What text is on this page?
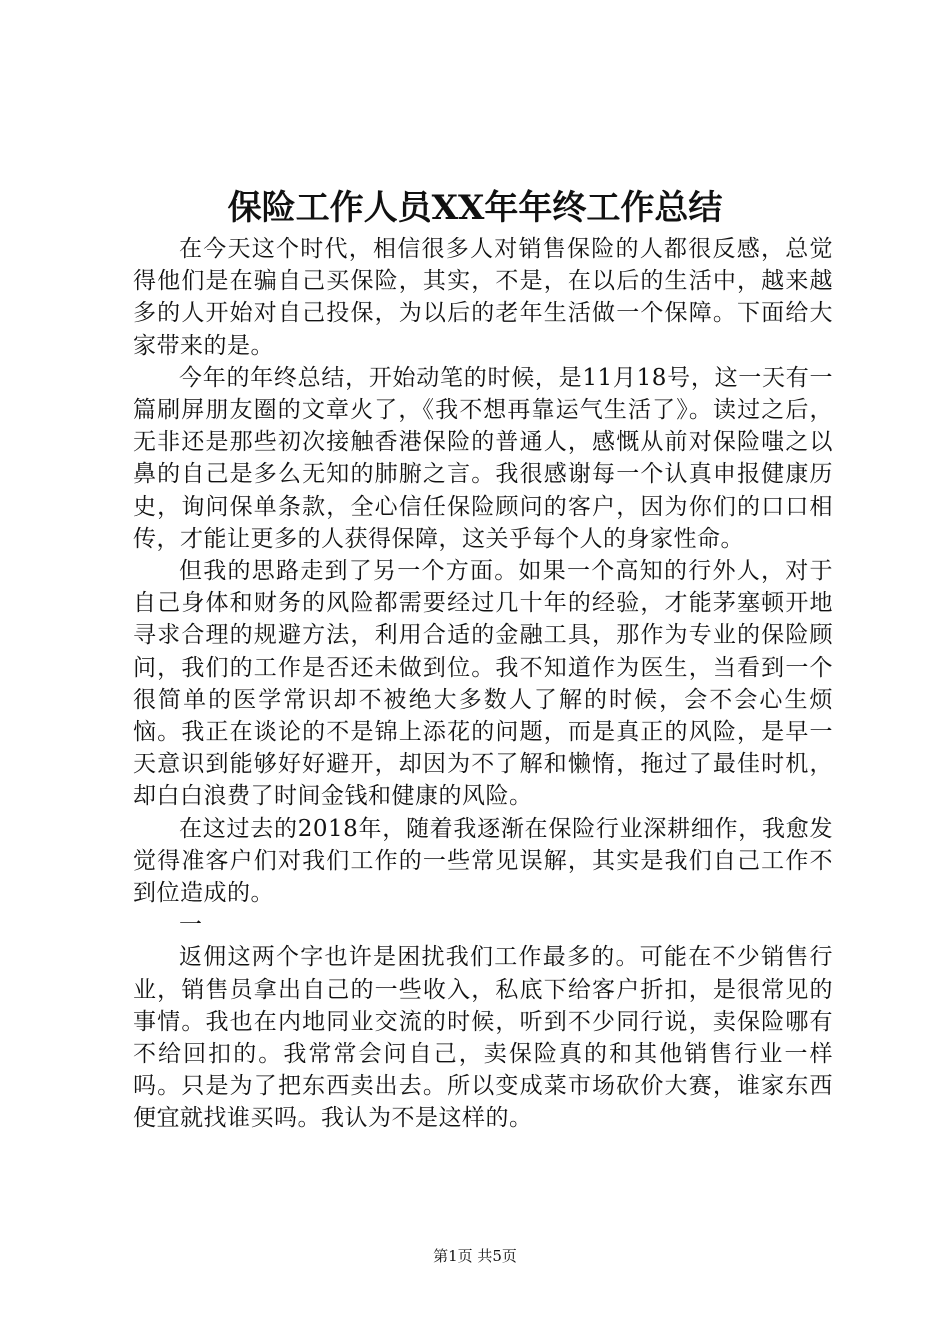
保险工作人员XX年年终工作总结

在今天这个时代，相信很多人对销售保险的人都很反感，总觉得他们是在骗自己买保险，其实，不是，在以后的生活中，越来越多的人开始对自己投保，为以后的老年生活做一个保障。下面给大家带来的是。

今年的年终总结，开始动笔的时候，是11月18号，这一天有一篇刷屏朋友圈的文章火了，《我不想再靠运气生活了》。读过之后，无非还是那些初次接触香港保险的普通人，感慨从前对保险嗤之以鼻的自己是多么无知的肺腑之言。我很感谢每一个认真申报健康历史，询问保单条款，全心信任保险顾问的客户，因为你们的口口相传，才能让更多的人获得保障，这关乎每个人的身家性命。

但我的思路走到了另一个方面。如果一个高知的行外人，对于自己身体和财务的风险都需要经过几十年的经验，才能茅塞顿开地寻求合理的规避方法，利用合适的金融工具，那作为专业的保险顾问，我们的工作是否还未做到位。我不知道作为医生，当看到一个很简单的医学常识却不被绝大多数人了解的时候，会不会心生烦恼。我正在谈论的不是锦上添花的问题，而是真正的风险，是早一天意识到能够好好避开，却因为不了解和懒惰，拖过了最佳时机，却白白浪费了时间金钱和健康的风险。

在这过去的2018年，随着我逐渐在保险行业深耕细作，我愈发觉得准客户们对我们工作的一些常见误解，其实是我们自己工作不到位造成的。

一

返佣这两个字也许是困扰我们工作最多的。可能在不少销售行业，销售员拿出自己的一些收入，私底下给客户折扣，是很常见的事情。我也在内地同业交流的时候，听到不少同行说，卖保险哪有不给回扣的。我常常会问自己，卖保险真的和其他销售行业一样吗。只是为了把东西卖出去。所以变成菜市场砍价大赛，谁家东西便宜就找谁买吗。我认为不是这样的。

第1页 共5页
